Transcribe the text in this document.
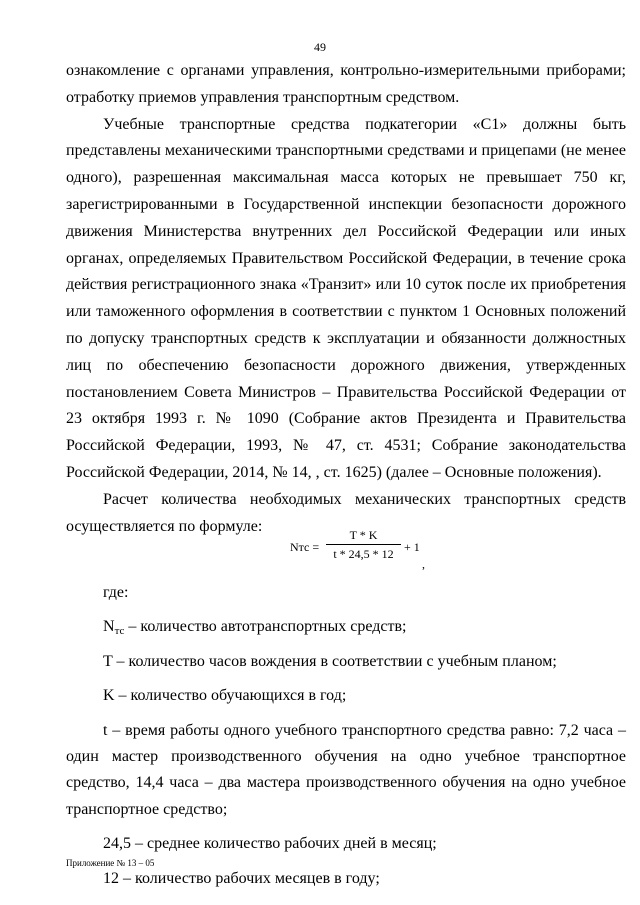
49

ознакомление с органами управления, контрольно-измерительными приборами; отработку приемов управления транспортным средством.

Учебные транспортные средства подкатегории «С1» должны быть представлены механическими транспортными средствами и прицепами (не менее одного), разрешенная максимальная масса которых не превышает 750 кг, зарегистрированными в Государственной инспекции безопасности дорожного движения Министерства внутренних дел Российской Федерации или иных органах, определяемых Правительством Российской Федерации, в течение срока действия регистрационного знака «Транзит» или 10 суток после их приобретения или таможенного оформления в соответствии с пунктом 1 Основных положений по допуску транспортных средств к эксплуатации и обязанности должностных лиц по обеспечению безопасности дорожного движения, утвержденных постановлением Совета Министров – Правительства Российской Федерации от 23 октября 1993 г. № 1090 (Собрание актов Президента и Правительства Российской Федерации, 1993, № 47, ст. 4531; Собрание законодательства Российской Федерации, 2014, № 14, , ст. 1625) (далее – Основные положения).

Расчет количества необходимых механических транспортных средств осуществляется по формуле:

Nтс =
T * K
t * 24,5 * 12 + 1
,

где:

$N_{тс}$ – количество автотранспортных средств;

T – количество часов вождения в соответствии с учебным планом;

K – количество обучающихся в год;

t – время работы одного учебного транспортного средства равно: 7,2 часа – один мастер производственного обучения на одно учебное транспортное средство, 14,4 часа – два мастера производственного обучения на одно учебное транспортное средство;

24,5 – среднее количество рабочих дней в месяц;

12 – количество рабочих месяцев в году;

Приложение № 13 – 05
